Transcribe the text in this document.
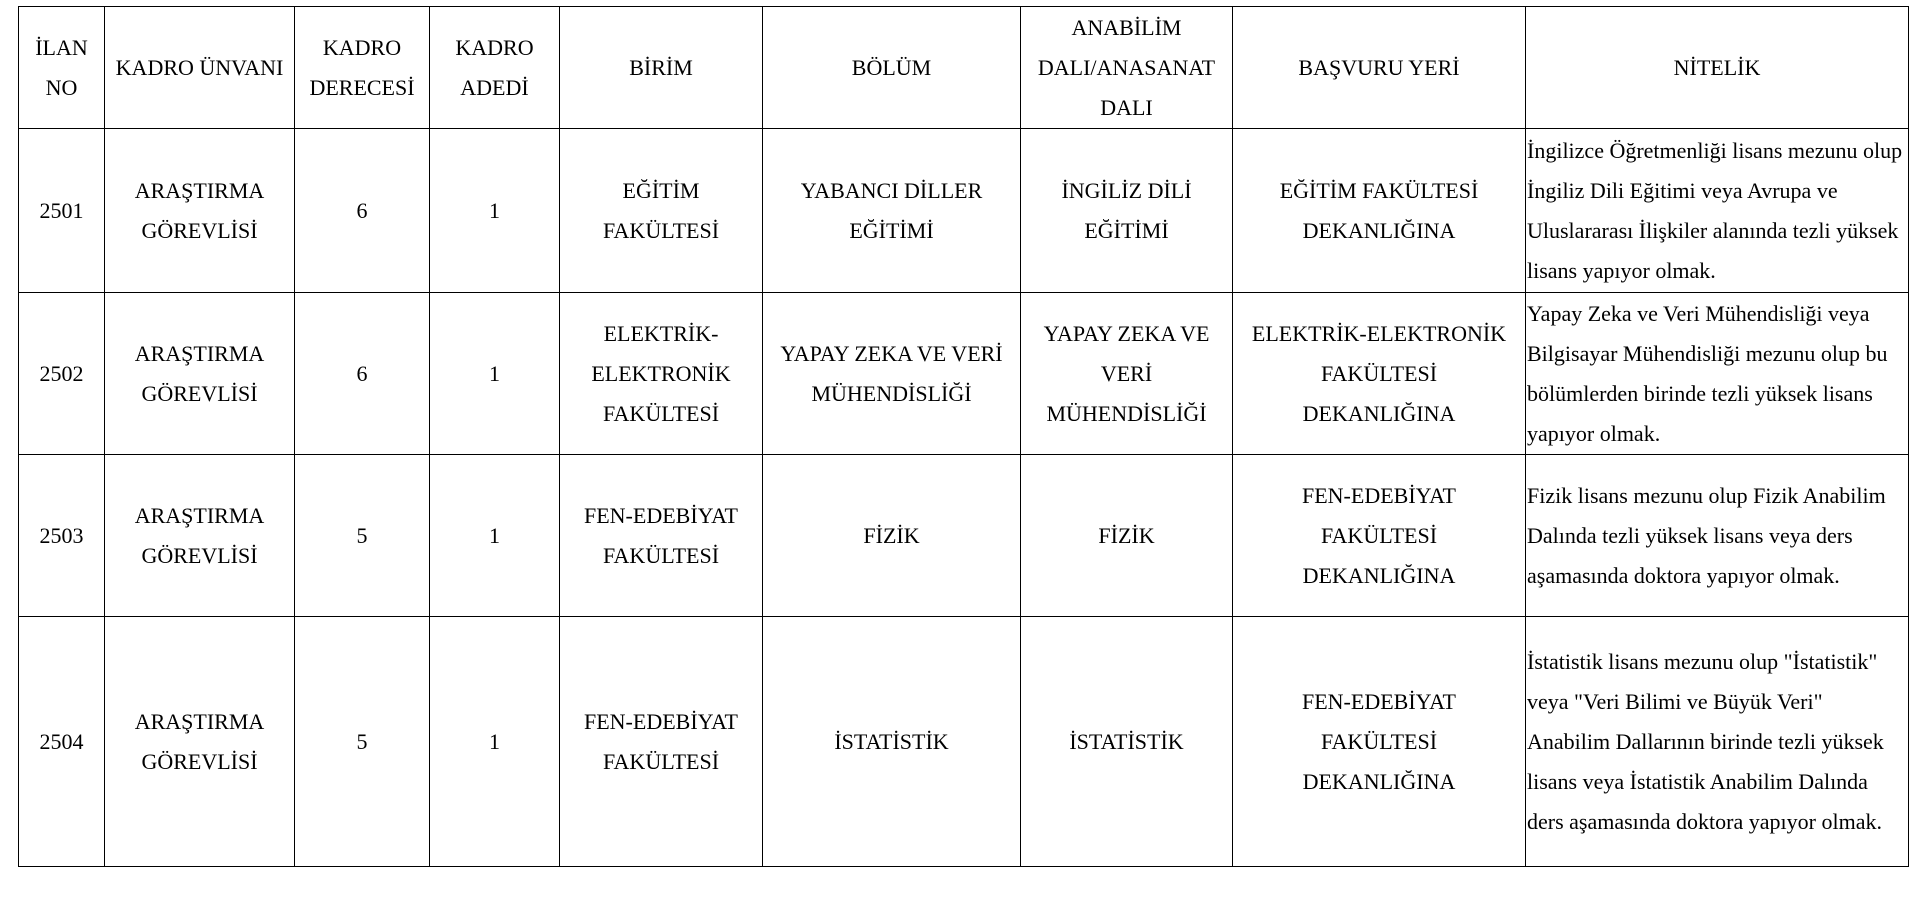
İLAN
NO	KADRO ÜNVANI	KADRO
DERECESİ	KADRO
ADEDİ	BİRİM	BÖLÜM	ANABİLİM
DALI/ANASANAT
DALI	BAŞVURU YERİ	NİTELİK

2501	ARAŞTIRMA
GÖREVLİSİ	6	1	EĞİTİM
FAKÜLTESİ	YABANCI DİLLER
EĞİTİMİ	İNGİLİZ DİLİ
EĞİTİMİ	EĞİTİM FAKÜLTESİ
DEKANLIĞINA	İngilizce Öğretmenliği lisans mezunu olup İngiliz Dili Eğitimi veya Avrupa ve Uluslararası İlişkiler alanında tezli yüksek lisans yapıyor olmak.

2502	ARAŞTIRMA
GÖREVLİSİ	6	1	ELEKTRİK-
ELEKTRONİK
FAKÜLTESİ	YAPAY ZEKA VE VERİ
MÜHENDİSLİĞİ	YAPAY ZEKA VE
VERİ
MÜHENDİSLİĞİ	ELEKTRİK-ELEKTRONİK
FAKÜLTESİ
DEKANLIĞINA	Yapay Zeka ve Veri Mühendisliği veya Bilgisayar Mühendisliği mezunu olup bu bölümlerden birinde tezli yüksek lisans yapıyor olmak.

2503	ARAŞTIRMA
GÖREVLİSİ	5	1	FEN-EDEBİYAT
FAKÜLTESİ	FİZİK	FİZİK	FEN-EDEBİYAT
FAKÜLTESİ
DEKANLIĞINA	Fizik lisans mezunu olup Fizik Anabilim Dalında tezli yüksek lisans veya ders aşamasında doktora yapıyor olmak.

2504	ARAŞTIRMA
GÖREVLİSİ	5	1	FEN-EDEBİYAT
FAKÜLTESİ	İSTATİSTİK	İSTATİSTİK	FEN-EDEBİYAT
FAKÜLTESİ
DEKANLIĞINA	İstatistik lisans mezunu olup "İstatistik" veya "Veri Bilimi ve Büyük Veri" Anabilim Dallarının birinde tezli yüksek lisans veya İstatistik Anabilim Dalında ders aşamasında doktora yapıyor olmak.
